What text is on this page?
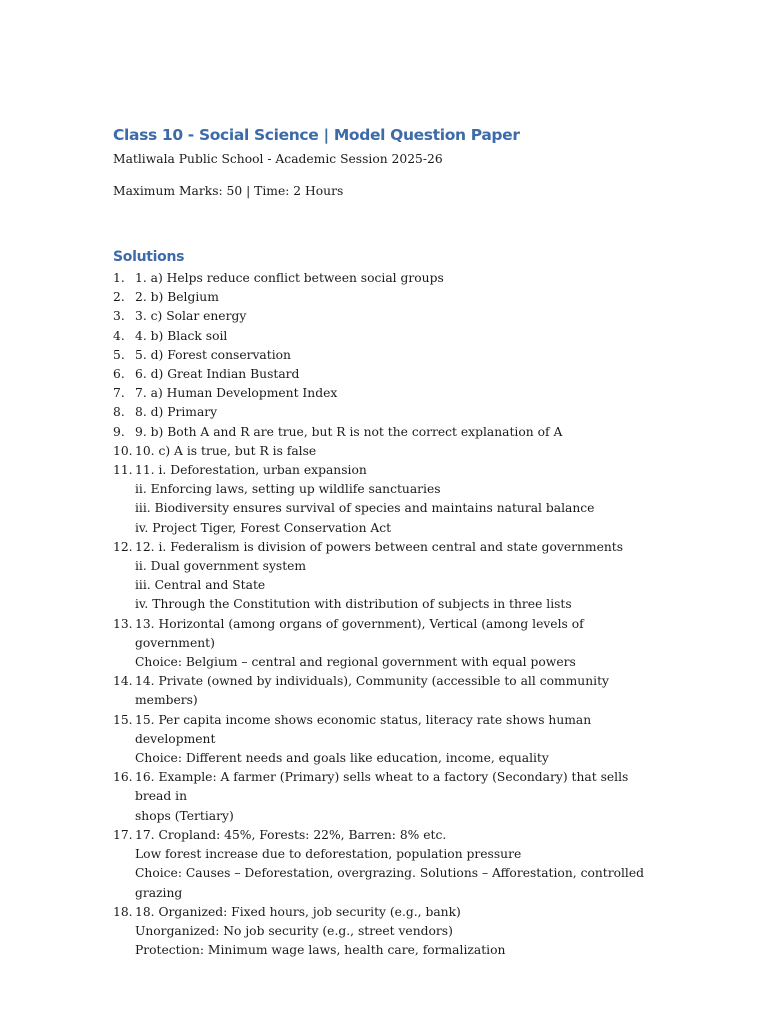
Class 10 - Social Science | Model Question Paper
Matliwala Public School - Academic Session 2025-26
Maximum Marks: 50 | Time: 2 Hours
Solutions
1. 1. a) Helps reduce conflict between social groups
2. 2. b) Belgium
3. 3. c) Solar energy
4. 4. b) Black soil
5. 5. d) Forest conservation
6. 6. d) Great Indian Bustard
7. 7. a) Human Development Index
8. 8. d) Primary
9. 9. b) Both A and R are true, but R is not the correct explanation of A
10. 10. c) A is true, but R is false
11. 11. i. Deforestation, urban expansion
ii. Enforcing laws, setting up wildlife sanctuaries
iii. Biodiversity ensures survival of species and maintains natural balance
iv. Project Tiger, Forest Conservation Act
12. 12. i. Federalism is division of powers between central and state governments
ii. Dual government system
iii. Central and State
iv. Through the Constitution with distribution of subjects in three lists
13. 13. Horizontal (among organs of government), Vertical (among levels of government)
Choice: Belgium – central and regional government with equal powers
14. 14. Private (owned by individuals), Community (accessible to all community members)
15. 15. Per capita income shows economic status, literacy rate shows human development
Choice: Different needs and goals like education, income, equality
16. 16. Example: A farmer (Primary) sells wheat to a factory (Secondary) that sells bread in
shops (Tertiary)
17. 17. Cropland: 45%, Forests: 22%, Barren: 8% etc.
Low forest increase due to deforestation, population pressure
Choice: Causes – Deforestation, overgrazing. Solutions – Afforestation, controlled
grazing
18. 18. Organized: Fixed hours, job security (e.g., bank)
Unorganized: No job security (e.g., street vendors)
Protection: Minimum wage laws, health care, formalization
